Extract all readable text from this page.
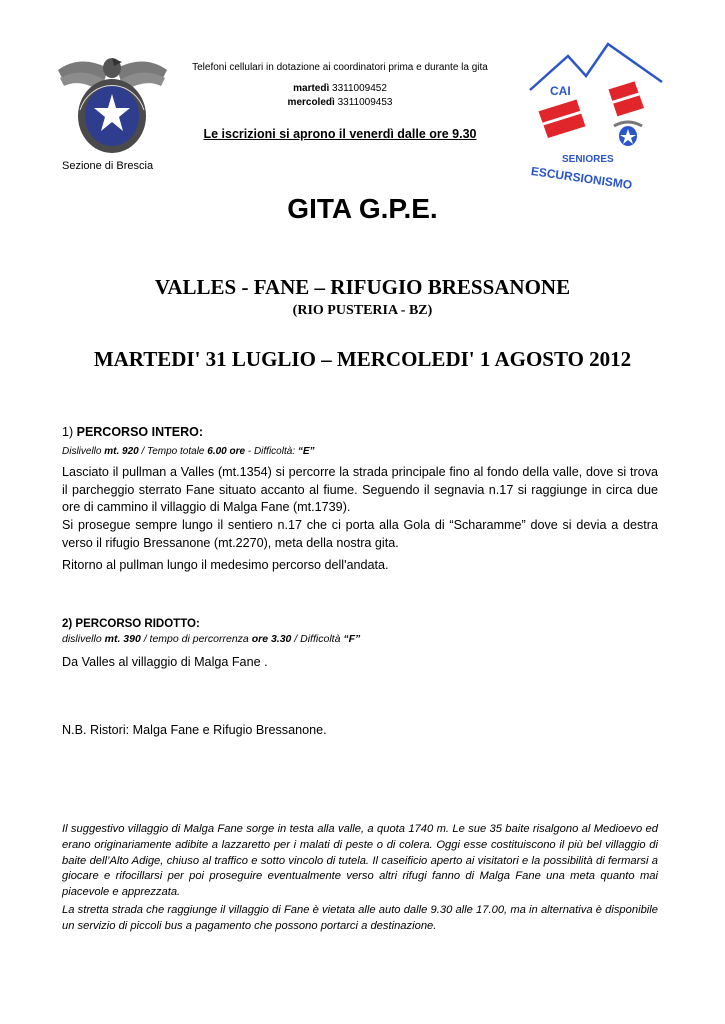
Sezione di Brescia
Telefoni cellulari in dotazione ai coordinatori prima e durante la gita
martedì 3311009452
mercoledì 3311009453
Le iscrizioni si aprono il venerdì dalle ore 9.30
CAI
SENIORES
ESCURSIONISMO
GITA G.P.E.
VALLES - FANE – RIFUGIO BRESSANONE
(RIO PUSTERIA - BZ)
MARTEDI' 31 LUGLIO – MERCOLEDI' 1 AGOSTO 2012
1) PERCORSO INTERO:
Dislivello mt. 920 / Tempo totale 6.00 ore - Difficoltà: “E”
Lasciato il pullman a Valles (mt.1354) si percorre la strada principale fino al fondo della valle, dove si trova il parcheggio sterrato Fane situato accanto al fiume. Seguendo il segnavia n.17 si raggiunge in circa due ore di cammino il villaggio di Malga Fane (mt.1739).
Si prosegue sempre lungo il sentiero n.17 che ci porta alla Gola di “Scharamme” dove si devia a destra verso il rifugio Bressanone (mt.2270), meta della nostra gita.
Ritorno al pullman lungo il medesimo percorso dell'andata.
2) PERCORSO RIDOTTO:
dislivello mt. 390 / tempo di percorrenza ore 3.30 / Difficoltà “F”
Da Valles al villaggio di Malga Fane .
N.B. Ristori: Malga Fane e Rifugio Bressanone.
Il suggestivo villaggio di Malga Fane sorge in testa alla valle, a quota 1740 m. Le sue 35 baite risalgono al Medioevo ed erano originariamente adibite a lazzaretto per i malati di peste o di colera. Oggi esse costituiscono il più bel villaggio di baite dell’Alto Adige, chiuso al traffico e sotto vincolo di tutela. Il caseificio aperto ai visitatori e la possibilità di fermarsi a giocare e rifocillarsi per poi proseguire eventualmente verso altri rifugi fanno di Malga Fane una meta quanto mai piacevole e apprezzata.
La stretta strada che raggiunge il villaggio di Fane è vietata alle auto dalle 9.30 alle 17.00, ma in alternativa è disponibile un servizio di piccoli bus a pagamento che possono portarci a destinazione.
